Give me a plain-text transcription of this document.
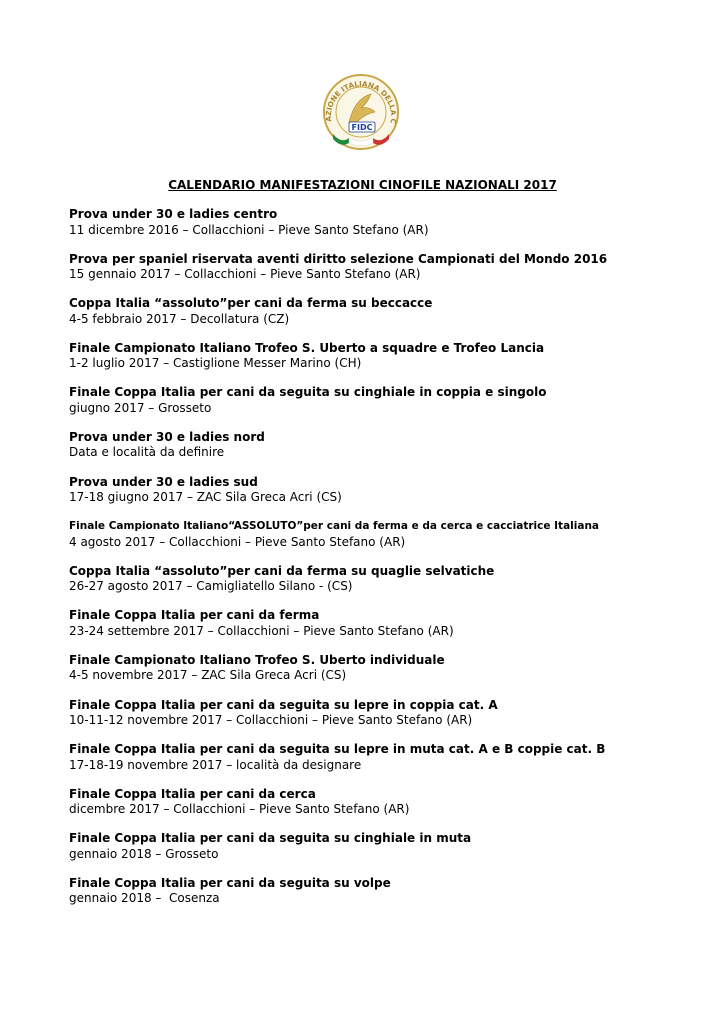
AZIONE ITALIANA DELLA C
FIDC
CALENDARIO MANIFESTAZIONI CINOFILE NAZIONALI 2017
Prova under 30 e ladies centro
11 dicembre 2016 – Collacchioni – Pieve Santo Stefano (AR)
Prova per spaniel riservata aventi diritto selezione Campionati del Mondo 2016
15 gennaio 2017 – Collacchioni – Pieve Santo Stefano (AR)
Coppa Italia “assoluto”per cani da ferma su beccacce
4-5 febbraio 2017 – Decollatura (CZ)
Finale Campionato Italiano Trofeo S. Uberto a squadre e Trofeo Lancia
1-2 luglio 2017 – Castiglione Messer Marino (CH)
Finale Coppa Italia per cani da seguita su cinghiale in coppia e singolo
giugno 2017 – Grosseto
Prova under 30 e ladies nord
Data e località da definire
Prova under 30 e ladies sud
17-18 giugno 2017 – ZAC Sila Greca Acri (CS)
Finale Campionato Italiano“ASSOLUTO”per cani da ferma e da cerca e cacciatrice Italiana
4 agosto 2017 – Collacchioni – Pieve Santo Stefano (AR)
Coppa Italia “assoluto”per cani da ferma su quaglie selvatiche
26-27 agosto 2017 – Camigliatello Silano - (CS)
Finale Coppa Italia per cani da ferma
23-24 settembre 2017 – Collacchioni – Pieve Santo Stefano (AR)
Finale Campionato Italiano Trofeo S. Uberto individuale
4-5 novembre 2017 – ZAC Sila Greca Acri (CS)
Finale Coppa Italia per cani da seguita su lepre in coppia cat. A
10-11-12 novembre 2017 – Collacchioni – Pieve Santo Stefano (AR)
Finale Coppa Italia per cani da seguita su lepre in muta cat. A e B coppie cat. B
17-18-19 novembre 2017 – località da designare
Finale Coppa Italia per cani da cerca
dicembre 2017 – Collacchioni – Pieve Santo Stefano (AR)
Finale Coppa Italia per cani da seguita su cinghiale in muta
gennaio 2018 – Grosseto
Finale Coppa Italia per cani da seguita su volpe
gennaio 2018 –  Cosenza
